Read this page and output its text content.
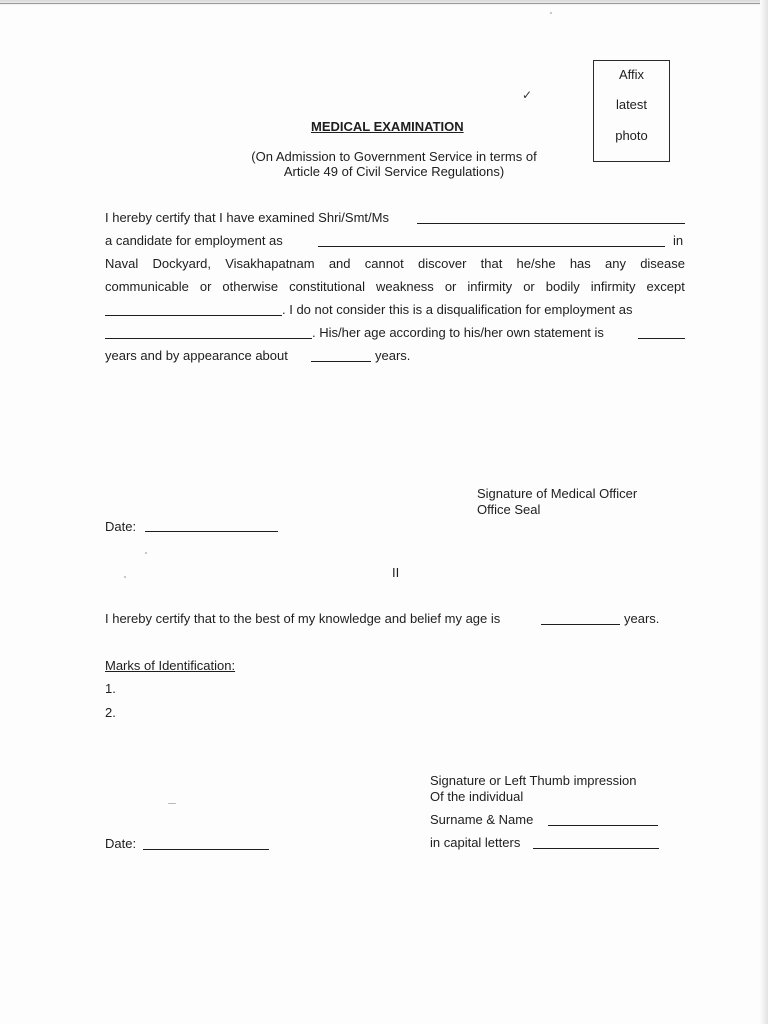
Affix
latest
photo
✓
MEDICAL EXAMINATION
(On Admission to Government Service in terms of
Article 49 of Civil Service Regulations)
I hereby certify that I have examined Shri/Smt/Ms
a candidate for employment as	in
Naval Dockyard, Visakhapatnam and cannot discover that he/she has any disease
communicable or otherwise constitutional weakness or infirmity or bodily infirmity except
. I do not consider this is a disqualification for employment as
. His/her age according to his/her own statement is
years and by appearance about	years.
Signature of Medical Officer
Office Seal
Date:
II
I hereby certify that to the best of my knowledge and belief my age is	years.
Marks of Identification:
1.
2.
Signature or Left Thumb impression
Of the individual
Surname & Name
in capital letters
Date:
